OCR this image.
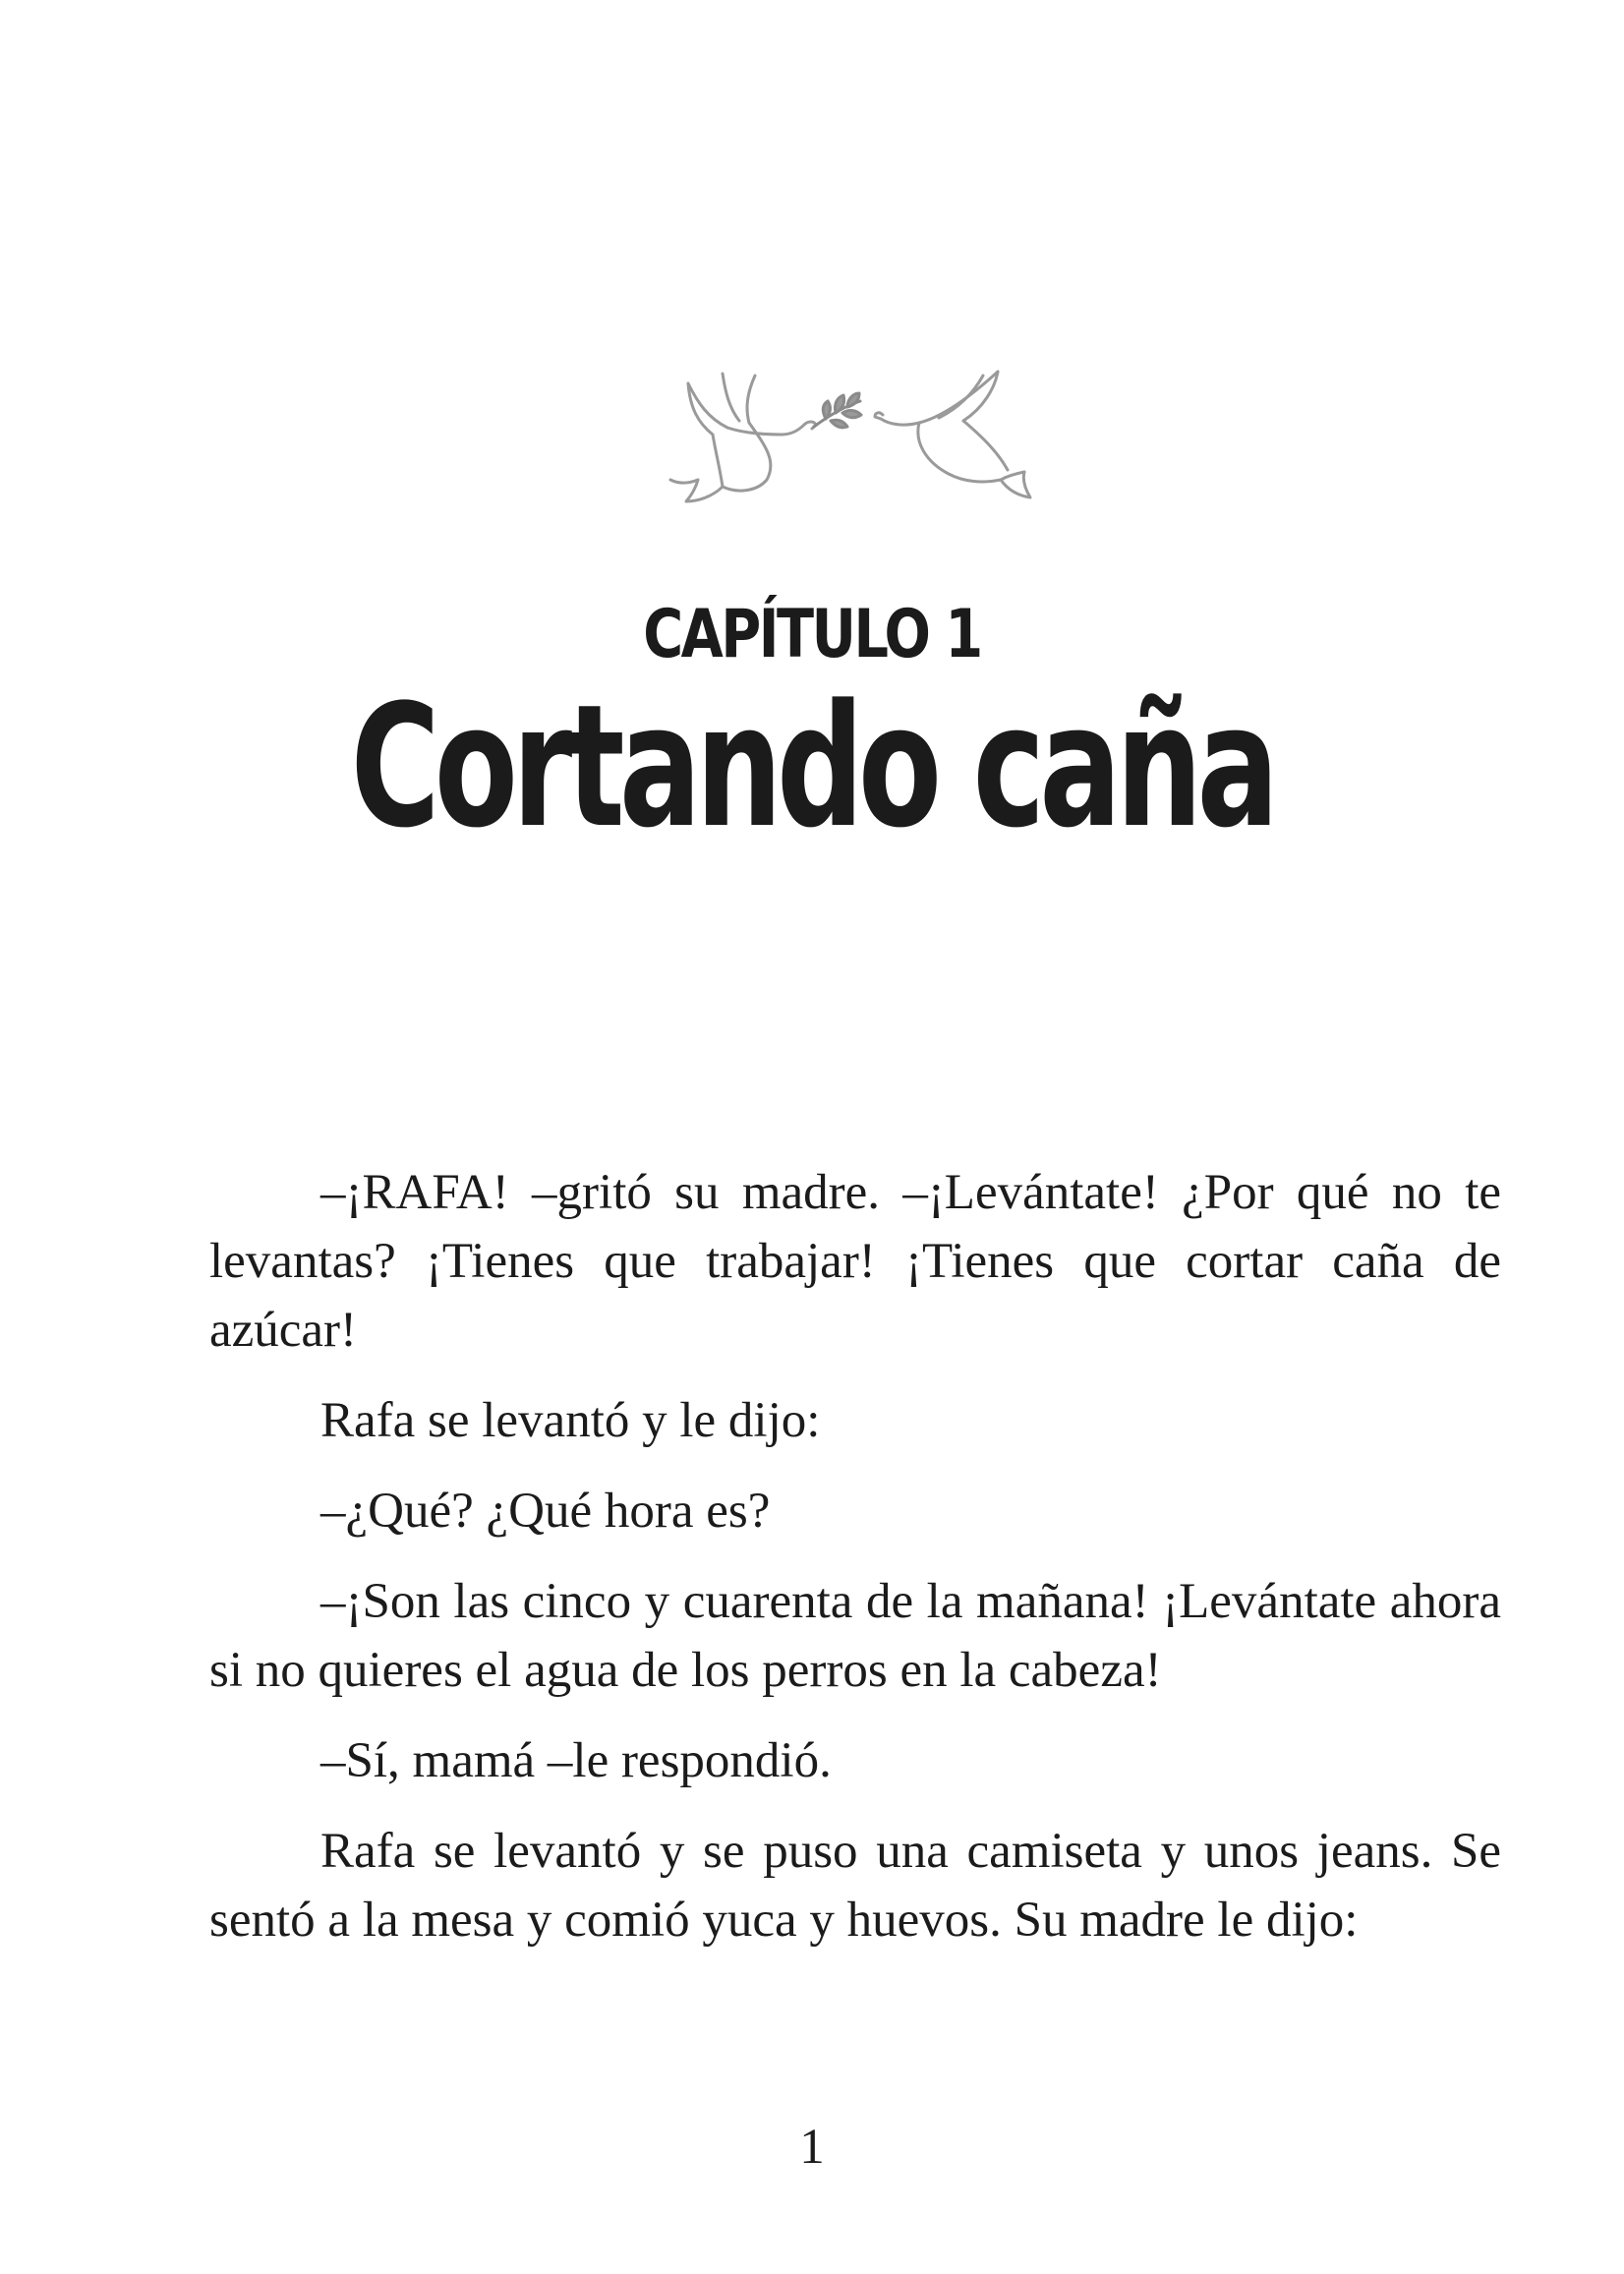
CAPÍTULO 1
Cortando caña

–¡RAFA! –gritó su madre. –¡Levántate! ¿Por qué no te levantas? ¡Tienes que trabajar! ¡Tienes que cortar caña de azúcar!

Rafa se levantó y le dijo:

–¿Qué? ¿Qué hora es?

–¡Son las cinco y cuarenta de la mañana! ¡Levántate ahora si no quieres el agua de los perros en la cabeza!

–Sí, mamá –le respondió.

Rafa se levantó y se puso una camiseta y unos jeans. Se sentó a la mesa y comió yuca y huevos. Su madre le dijo:

1
